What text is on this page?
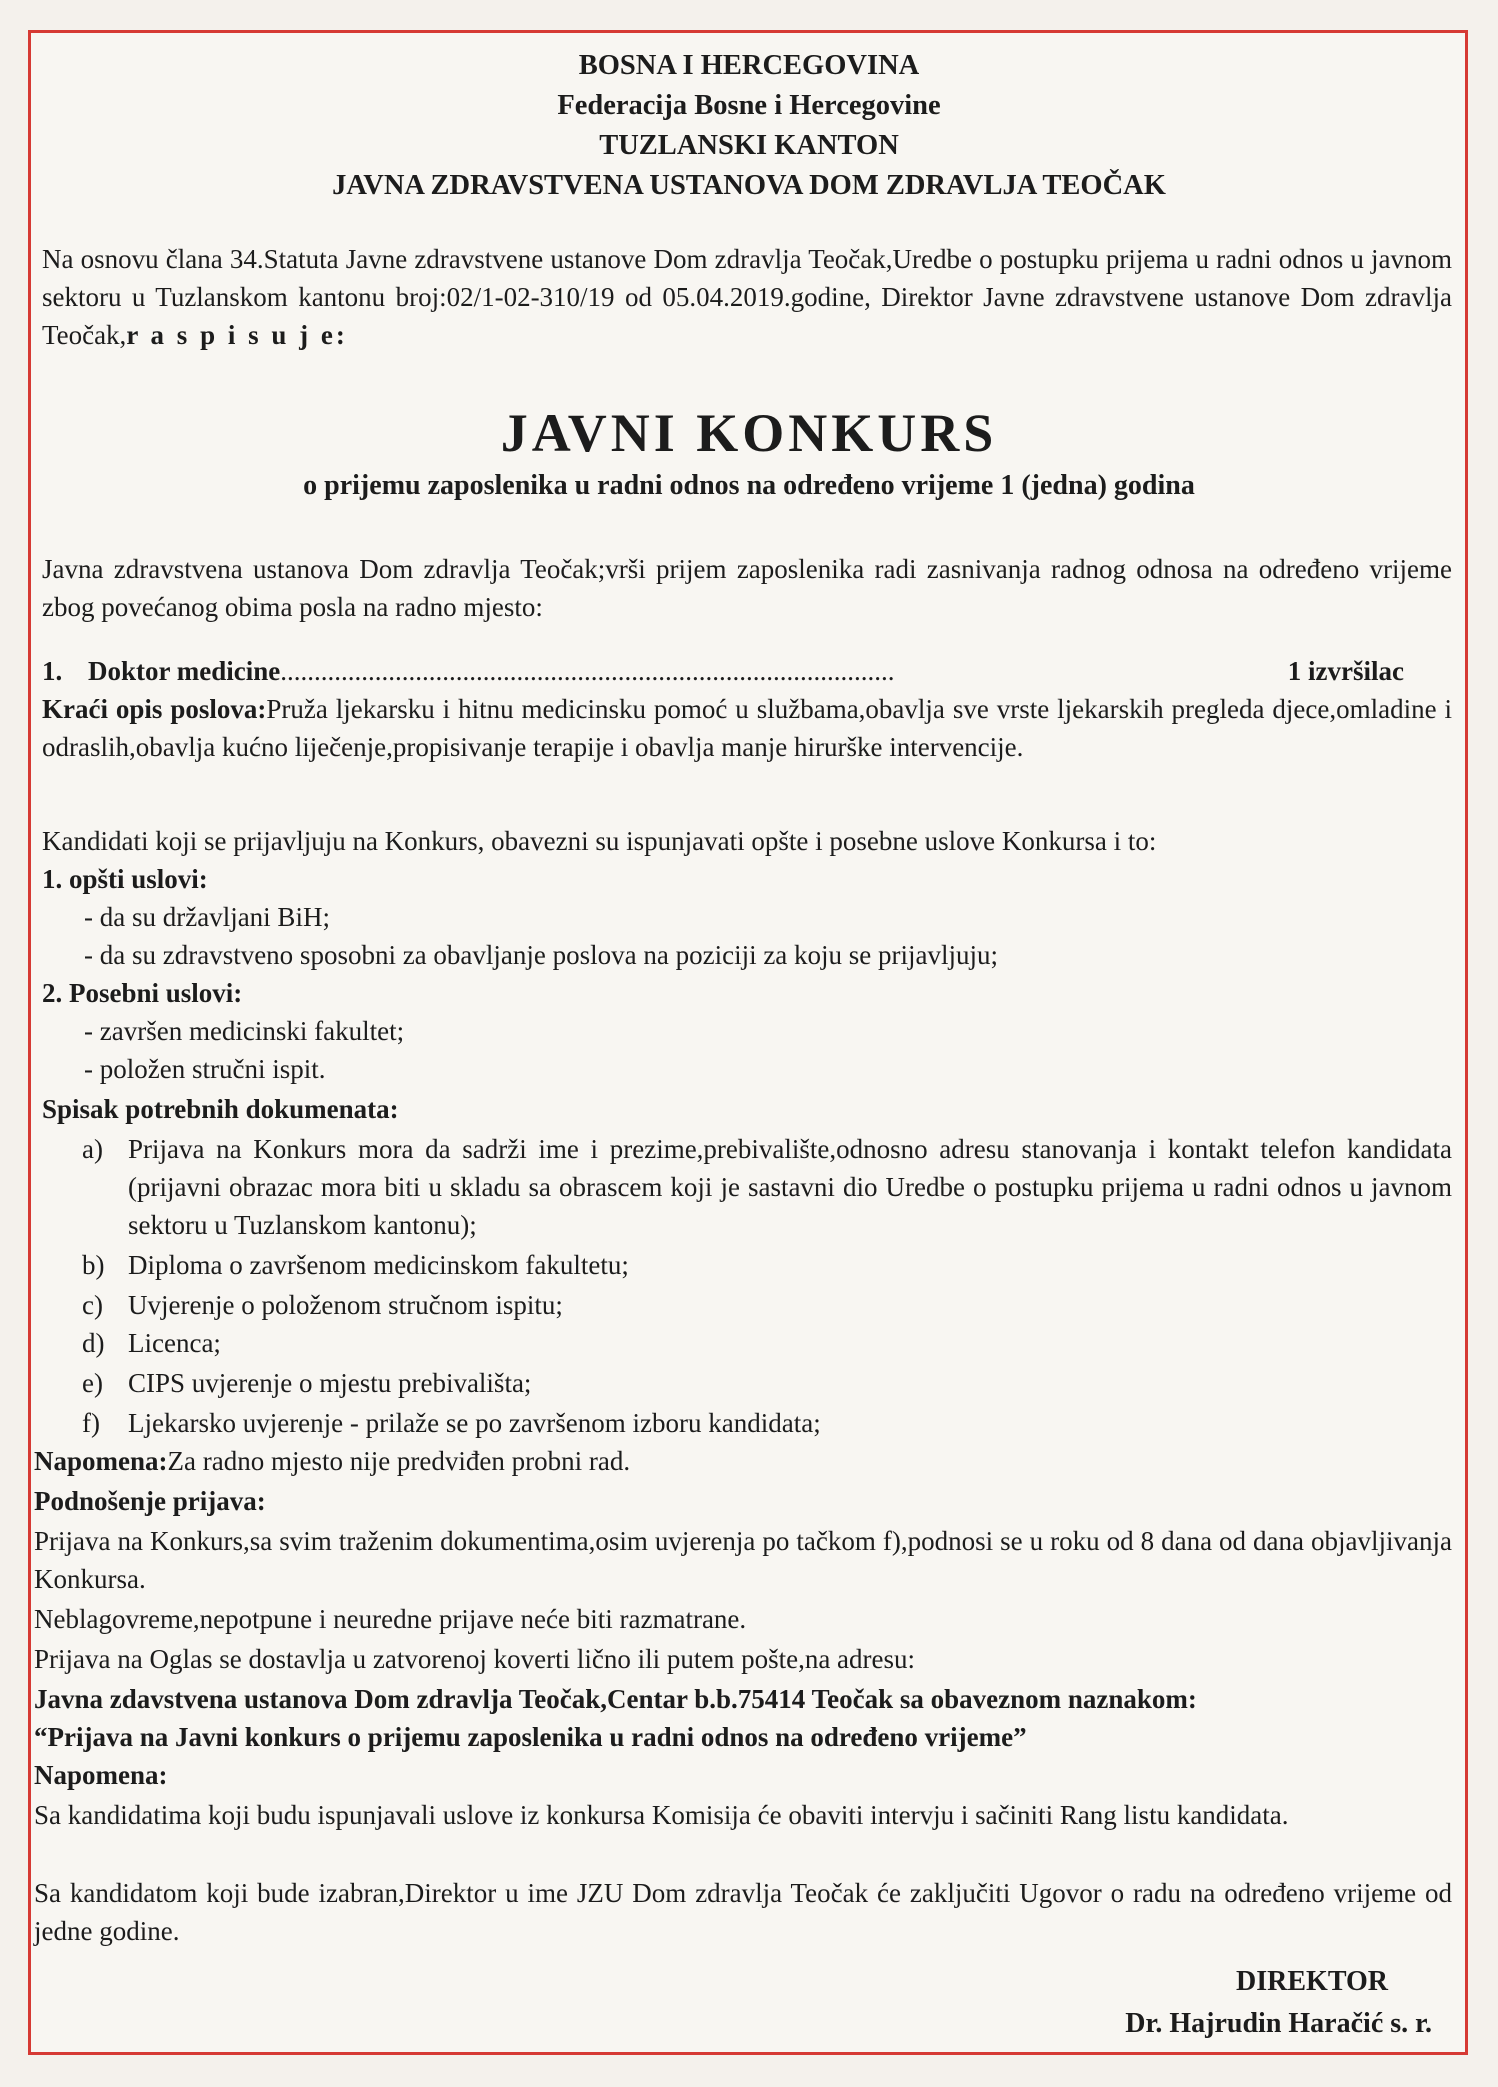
BOSNA I HERCEGOVINA
Federacija Bosne i Hercegovine
TUZLANSKI KANTON
JAVNA ZDRAVSTVENA USTANOVA DOM ZDRAVLJA TEOČAK
Na osnovu člana 34.Statuta Javne zdravstvene ustanove Dom zdravlja Teočak,Uredbe o postupku prijema u radni odnos u javnom sektoru u Tuzlanskom kantonu broj:02/1-02-310/19 od 05.04.2019.godine, Direktor Javne zdravstvene ustanove Dom zdravlja Teočak,r a s p i s u j e:
JAVNI KONKURS
o prijemu zaposlenika u radni odnos na određeno vrijeme 1 (jedna) godina
Javna zdravstvena ustanova Dom zdravlja Teočak;vrši prijem zaposlenika radi zasnivanja radnog odnosa na određeno vrijeme zbog povećanog obima posla na radno mjesto:
1. Doktor medicine ...........................................................................................	1 izvršilac
Kraći opis poslova:Pruža ljekarsku i hitnu medicinsku pomoć u službama,obavlja sve vrste ljekarskih pregleda djece,omladine i odraslih,obavlja kućno liječenje,propisivanje terapije i obavlja manje hirurške intervencije.
Kandidati koji se prijavljuju na Konkurs, obavezni su ispunjavati opšte i posebne uslove Konkursa i to:
1. opšti uslovi:
- da su državljani BiH;
- da su zdravstveno sposobni za obavljanje poslova na poziciji za koju se prijavljuju;
2. Posebni uslovi:
- završen medicinski fakultet;
- položen stručni ispit.
Spisak potrebnih dokumenata:
a) Prijava na Konkurs mora da sadrži ime i prezime,prebivalište,odnosno adresu stanovanja i kontakt telefon kandidata (prijavni obrazac mora biti u skladu sa obrascem koji je sastavni dio Uredbe o postupku prijema u radni odnos u javnom sektoru u Tuzlanskom kantonu);
b) Diploma o završenom medicinskom fakultetu;
c) Uvjerenje o položenom stručnom ispitu;
d) Licenca;
e) CIPS uvjerenje o mjestu prebivališta;
f)	Ljekarsko uvjerenje - prilaže se po završenom izboru kandidata;
Napomena:Za radno mjesto nije predviđen probni rad.
Podnošenje prijava:
Prijava na Konkurs,sa svim traženim dokumentima,osim uvjerenja po tačkom f),podnosi se u roku od 8 dana od dana objavljivanja Konkursa.
Neblagovreme,nepotpune i neuredne prijave neće biti razmatrane.
Prijava na Oglas se dostavlja u zatvorenoj koverti lično ili putem pošte,na adresu:
Javna zdavstvena ustanova Dom zdravlja Teočak,Centar b.b.75414 Teočak sa obaveznom naznakom:
“Prijava na Javni konkurs o prijemu zaposlenika u radni odnos na određeno vrijeme”
Napomena:
Sa kandidatima koji budu ispunjavali uslove iz konkursa Komisija će obaviti intervju i sačiniti Rang listu kandidata.
Sa kandidatom koji bude izabran,Direktor u ime JZU Dom zdravlja Teočak će zaključiti Ugovor o radu na određeno vrijeme od jedne godine.
DIREKTOR
Dr. Hajrudin Haračić s. r.
